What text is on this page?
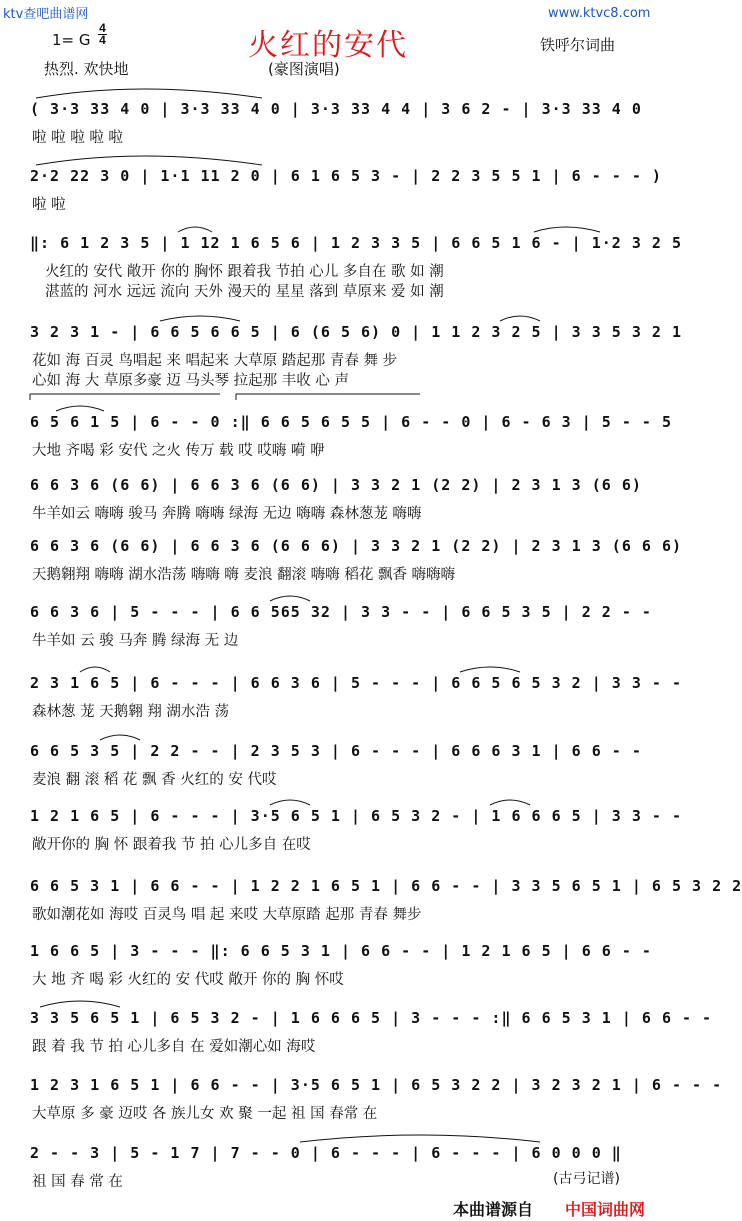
ktv查吧曲谱网	www.ktvc8.com
1= G
4
4
热烈. 欢快地
火红的安代
(豪图演唱)
铁呼尔词曲
( 3·3 33 4 0 | 3·3 33 4 0 | 3·3 33 4 4 | 3 6 2 - | 3·3 33 4 0
啦 啦 啦 啦 啦
2·2 22 3 0 | 1·1 11 2 0 | 6 1 6 5 3 - | 2 2 3 5 5 1 | 6 - - - )
啦 啦
‖: 6 1 2 3 5 | 1 12 1 6 5 6 | 1 2 3 3 5 | 6 6 5 1 6 - | 1·2 3 2 5
火红的 安代 敞开 你的 胸怀 跟着我 节拍 心儿 多自在 歌 如 潮
湛蓝的 河水 远远 流向 天外 漫天的 星星 落到 草原来 爱 如 潮
3 2 3 1 - | 6 6 5 6 6 5 | 6 (6 5 6) 0 | 1 1 2 3 2 5 | 3 3 5 3 2 1
花如 海 百灵 鸟唱起 来 唱起来 大草原 踏起那 青春 舞 步
心如 海 大 草原多豪 迈 马头琴 拉起那 丰收 心 声
6 5 6 1 5 | 6 - - 0 :‖ 6 6 5 6 5 5 | 6 - - 0 | 6 - 6 3 | 5 - - 5
大地 齐喝 彩 安代 之火 传万 载 哎 哎嗨 嗬 咿
6 6 3 6 (6 6) | 6 6 3 6 (6 6) | 3 3 2 1 (2 2) | 2 3 1 3 (6 6)
牛羊如云 嗨嗨 骏马 奔腾 嗨嗨 绿海 无边 嗨嗨 森林葱茏 嗨嗨
6 6 3 6 (6 6) | 6 6 3 6 (6 6 6) | 3 3 2 1 (2 2) | 2 3 1 3 (6 6 6)
天鹅翱翔 嗨嗨 湖水浩荡 嗨嗨 嗨 麦浪 翻滚 嗨嗨 稻花 飘香 嗨嗨嗨
6 6 3 6 | 5 - - - | 6 6 565 32 | 3 3 - - | 6 6 5 3 5 | 2 2 - -
牛羊如 云 骏 马奔 腾 绿海 无 边
2 3 1 6 5 | 6 - - - | 6 6 3 6 | 5 - - - | 6 6 5 6 5 3 2 | 3 3 - -
森林葱 茏 天鹅翱 翔 湖水浩 荡
6 6 5 3 5 | 2 2 - - | 2 3 5 3 | 6 - - - | 6 6 6 3 1 | 6 6 - -
麦浪 翻 滚 稻 花 飘 香 火红的 安 代哎
1 2 1 6 5 | 6 - - - | 3·5 6 5 1 | 6 5 3 2 - | 1 6 6 6 5 | 3 3 - -
敞开你的 胸 怀 跟着我 节 拍 心儿多自 在哎
6 6 5 3 1 | 6 6 - - | 1 2 2 1 6 5 1 | 6 6 - - | 3 3 5 6 5 1 | 6 5 3 2 2
歌如潮花如 海哎 百灵鸟 唱 起 来哎 大草原踏 起那 青春 舞步
1 6 6 5 | 3 - - - ‖: 6 6 5 3 1 | 6 6 - - | 1 2 1 6 5 | 6 6 - -
大 地 齐 喝 彩 火红的 安 代哎 敞开 你的 胸 怀哎
3 3 5 6 5 1 | 6 5 3 2 - | 1 6 6 6 5 | 3 - - - :‖ 6 6 5 3 1 | 6 6 - -
跟 着 我 节 拍 心儿多自 在 爱如潮心如 海哎
1 2 3 1 6 5 1 | 6 6 - - | 3·5 6 5 1 | 6 5 3 2 2 | 3 2 3 2 1 | 6 - - -
大草原 多 豪 迈哎 各 族儿女 欢 聚 一起 祖 国 春常 在
2 - - 3 | 5 - 1 7 | 7 - - 0 | 6 - - - | 6 - - - | 6 0 0 0 ‖
祖 国 春 常 在	(古弓记谱)
本曲谱源自 中国词曲网
